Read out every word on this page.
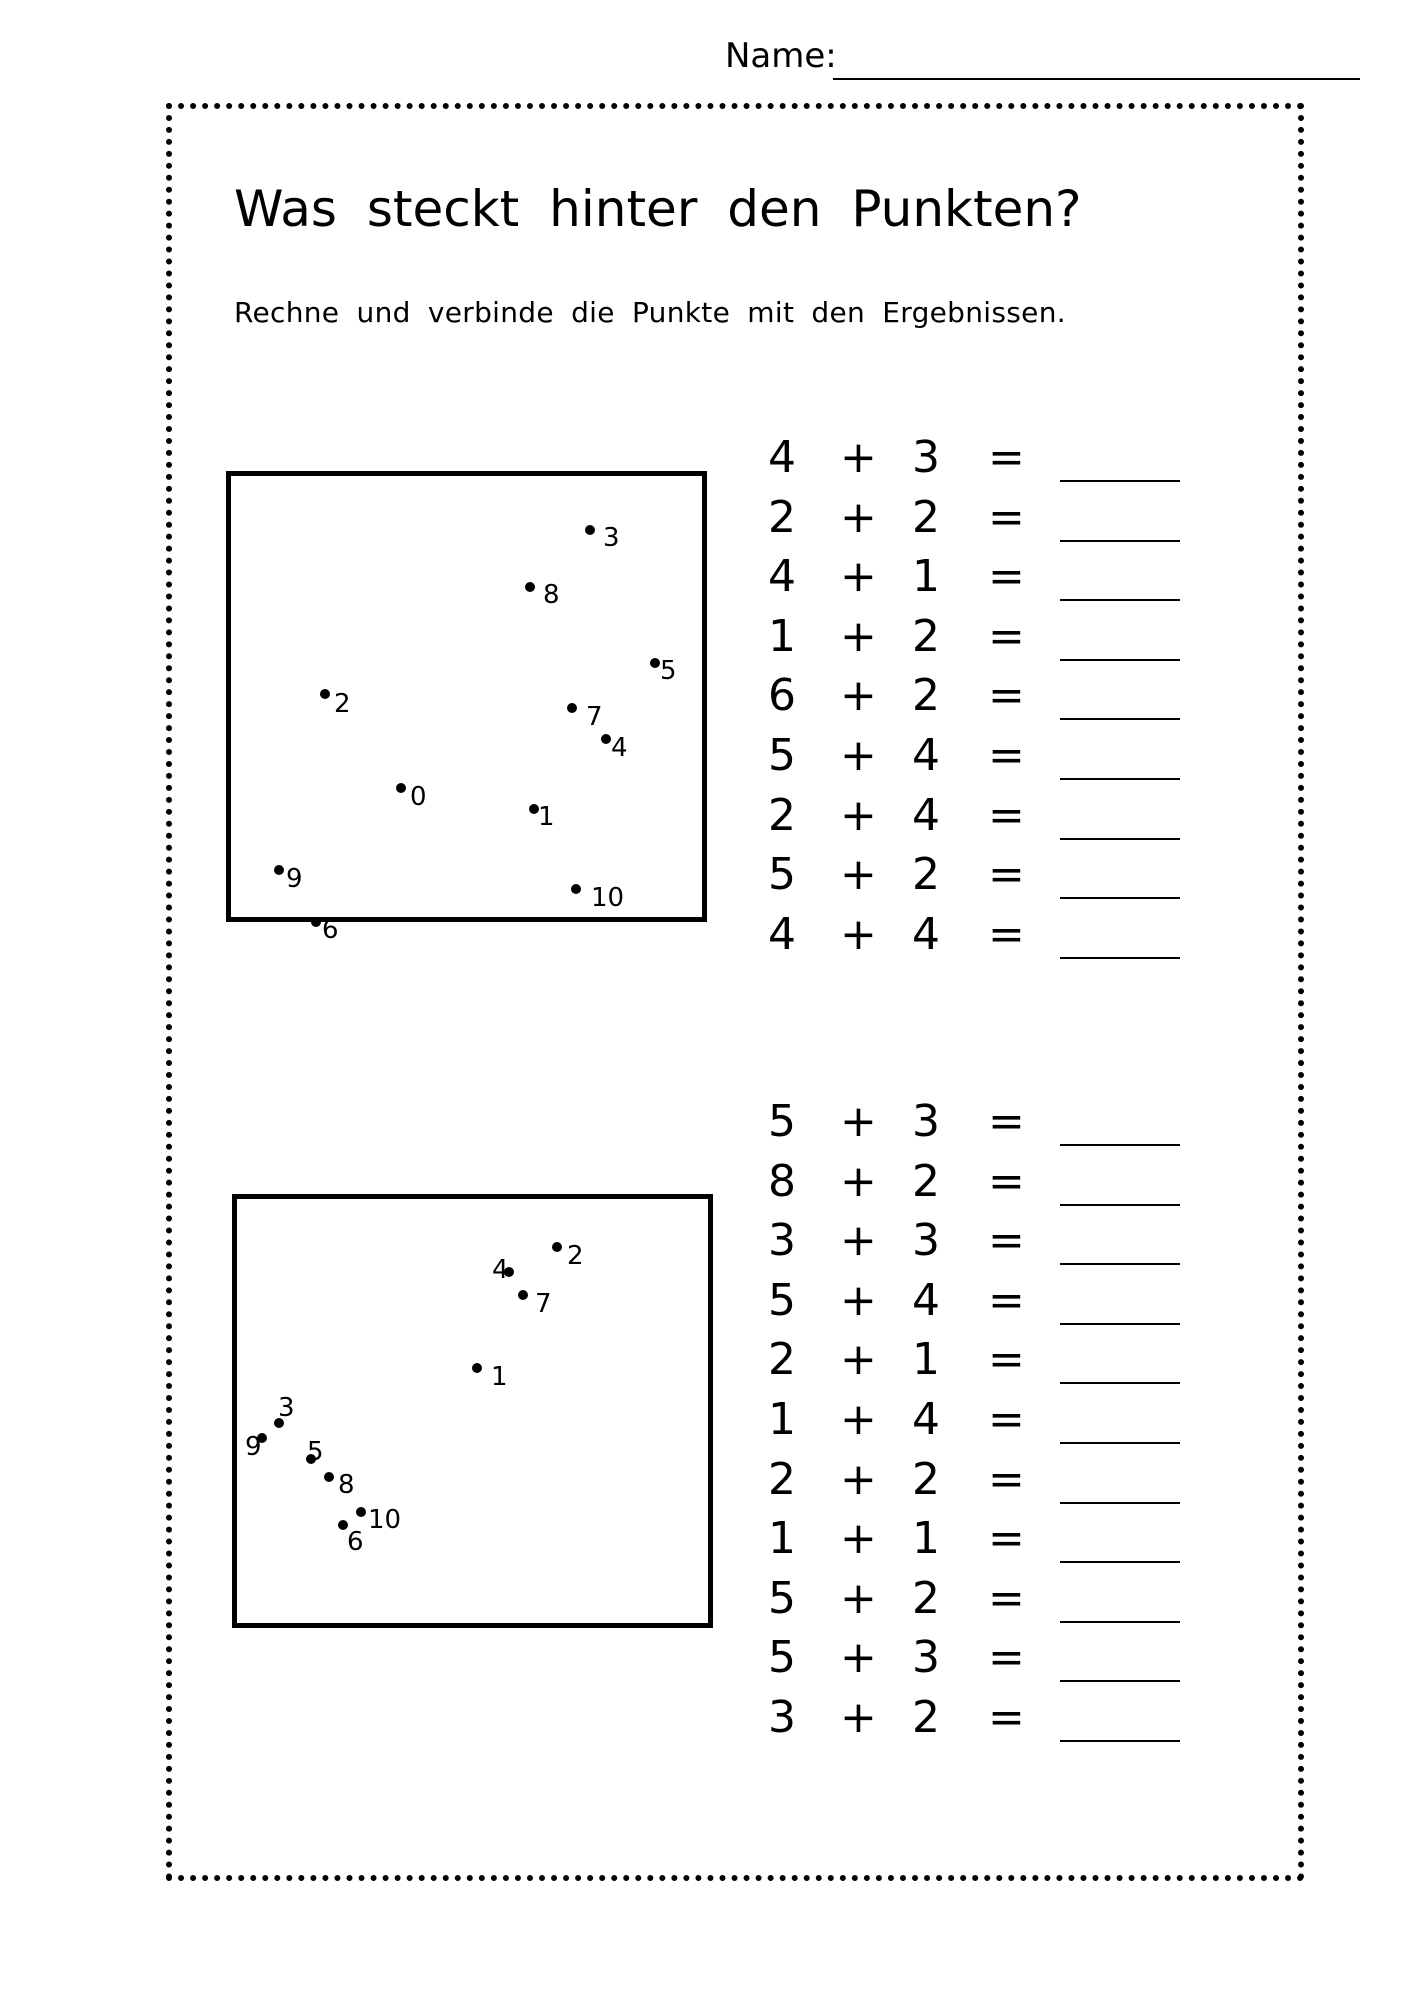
Name:
Was steckt hinter den Punkten?
Rechne und verbinde die Punkte mit den Ergebnissen.
3
8
5
2	7
4
0
1
9
10
6
2
4
7
1
3
9 5
8
10
6
4 + 3 =
2 + 2 =
4 + 1 =
1 + 2 =
6 + 2 =
5 + 4 =
2 + 4 =
5 + 2 =
4 + 4 =
5 + 3 =
8 + 2 =
3 + 3 =
5 + 4 =
2 + 1 =
1 + 4 =
2 + 2 =
1 + 1 =
5 + 2 =
5 + 3 =
3 + 2 =
